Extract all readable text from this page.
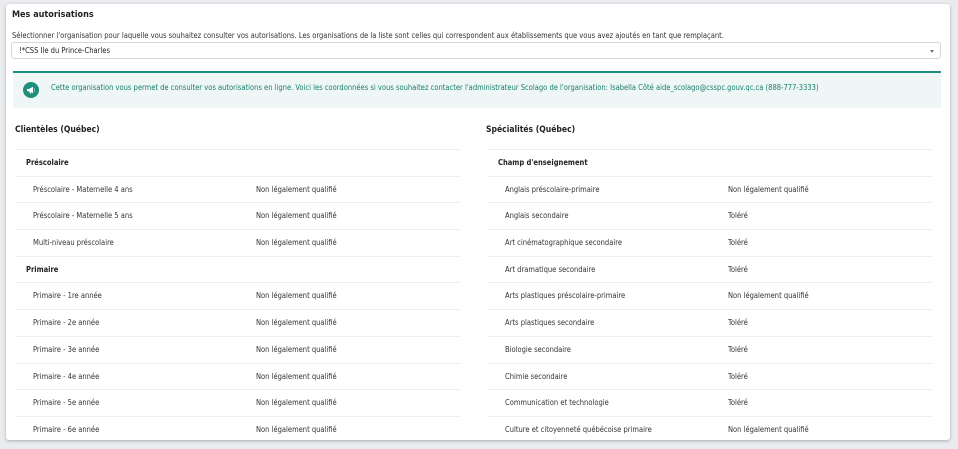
Mes autorisations
Sélectionner l'organisation pour laquelle vous souhaitez consulter vos autorisations. Les organisations de la liste sont celles qui correspondent aux établissements que vous avez ajoutés en tant que remplaçant.
!*CSS Ile du Prince-Charles
Cette organisation vous permet de consulter vos autorisations en ligne. Voici les coordonnées si vous souhaitez contacter l'administrateur Scolago de l'organisation: Isabella Côté aide_scolago@csspc.gouv.qc.ca (888-777-3333)
Clientèles (Québec)
Préscolaire
Préscolaire - Maternelle 4 ans	Non légalement qualifié
Préscolaire - Maternelle 5 ans	Non légalement qualifié
Multi-niveau préscolaire	Non légalement qualifié
Primaire
Primaire - 1re année	Non légalement qualifié
Primaire - 2e année	Non légalement qualifié
Primaire - 3e année	Non légalement qualifié
Primaire - 4e année	Non légalement qualifié
Primaire - 5e année	Non légalement qualifié
Primaire - 6e année	Non légalement qualifié
Spécialités (Québec)
Champ d'enseignement
Anglais préscolaire-primaire	Non légalement qualifié
Anglais secondaire	Toléré
Art cinématographique secondaire	Toléré
Art dramatique secondaire	Toléré
Arts plastiques préscolaire-primaire	Non légalement qualifié
Arts plastiques secondaire	Toléré
Biologie secondaire	Toléré
Chimie secondaire	Toléré
Communication et technologie	Toléré
Culture et citoyenneté québécoise primaire	Non légalement qualifié
